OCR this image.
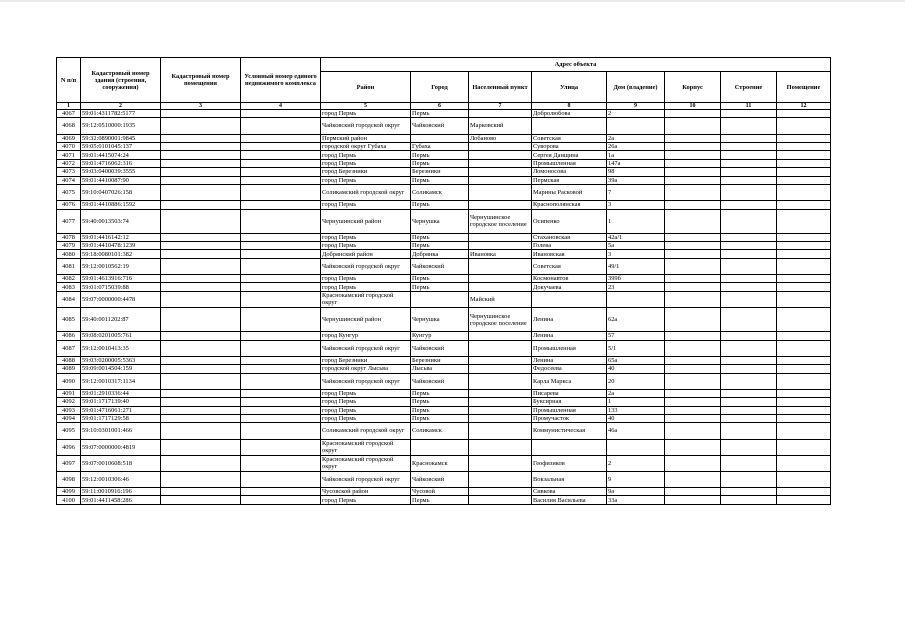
N п/п	Кадастровый номер здания (строения, сооружения)	Кадастровый номер помещения	Условный номер единого недвижимого комплекса	Адрес объекта							
				Район	Город	Населенный пункт	Улица	Дом (владение)	Корпус	Строение	Помещение
1	2	3	4	5	6	7	8	9	10	11	12
4067	59:01:4311782:5177			город Пермь	Пермь		Добролюбова	2			
4068	59:12:0510000:1935			Чайковский городской округ	Чайковский	Марковский					
4069	59:32:0890001:9845			Пермский район		Лобаново	Советская	2а			
4070	59:05:0101045:137			городской округ Губаха	Губаха		Суворова	26а			
4071	59:01:4415074:24			город Пермь	Пермь		Сергея Данщина	1а			
4072	59:01:4716062:316			город Пермь	Пермь		Промышленная	147а			
4073	59:03:0400039:3555			город Березники	Березники		Ломоносова	98			
4074	59:01:4410087:90			город Пермь	Пермь		Пермская	39а			
4075	59:10:0407026:158			Соликамский городской округ	Соликамск		Марины Расковой	7			
4076	59:01:4410886:1592			город Пермь	Пермь		Краснополянская	3			
4077	59:40:0013503:74			Чернушинский район	Чернушка	Чернушинское городское поселение	Осипенко	1			
4078	59:01:4416142:12			город Пермь	Пермь		Стахановская	42а/1			
4079	59:01:4410478:1239			город Пермь	Пермь		Голева	5а			
4080	59:18:0080101:382			Добрянский район	Добрянка	Ивановка	Ивановская	3			
4081	59:12:0010562:19			Чайковский городской округ	Чайковский		Советская	49/1			
4082	59:01:4613916:716			город Пермь	Пермь		Космонавтов	399б			
4083	59:01:0715039:88			город Пермь	Пермь		Докучаева	23			
4084	59:07:0000000:4478			Краснокамский городской округ		Майский					
4085	59:40:0011202:87			Чернушинский район	Чернушка	Чернушинское городское поселение	Ленина	62а			
4086	59:08:0201005:761			город Кунгур	Кунгур		Ленина	57			
4087	59:12:0010413:35			Чайковский городской округ	Чайковский		Промышленная	5/1			
4088	59:03:0200005:5363			город Березники	Березники		Ленина	65а			
4089	59:09:0014504:159			городской округ Лысьва	Лысьва		Федосеева	40			
4090	59:12:0010317:1134			Чайковский городской округ	Чайковский		Карла Маркса	20			
4091	59:01:2910336:44			город Пермь	Пермь		Писарева	2а			
4092	59:01:1717139:40			город Пермь	Пермь		Буксирная	1			
4093	59:01:4716061:271			город Пермь	Пермь		Промышленная	133			
4094	59:01:1717129:58			город Пермь	Пермь		Промучасток	40			
4095	59:10:0301001:466			Соликамский городской округ	Соликамск		Коммунистическая	46а			
4096	59:07:0000000:4819			Краснокамский городской округ							
4097	59:07:0010608:518			Краснокамский городской округ	Краснокамск		Геофизиков	2			
4098	59:12:0010306:46			Чайковский городской округ	Чайковский		Вокзальная	9			
4099	59:11:0010916:196			Чусовской район	Чусовой		Сивкова	9а			
4100	59:01:4411458:286			город Пермь	Пермь		Василия Васильева	33а			
